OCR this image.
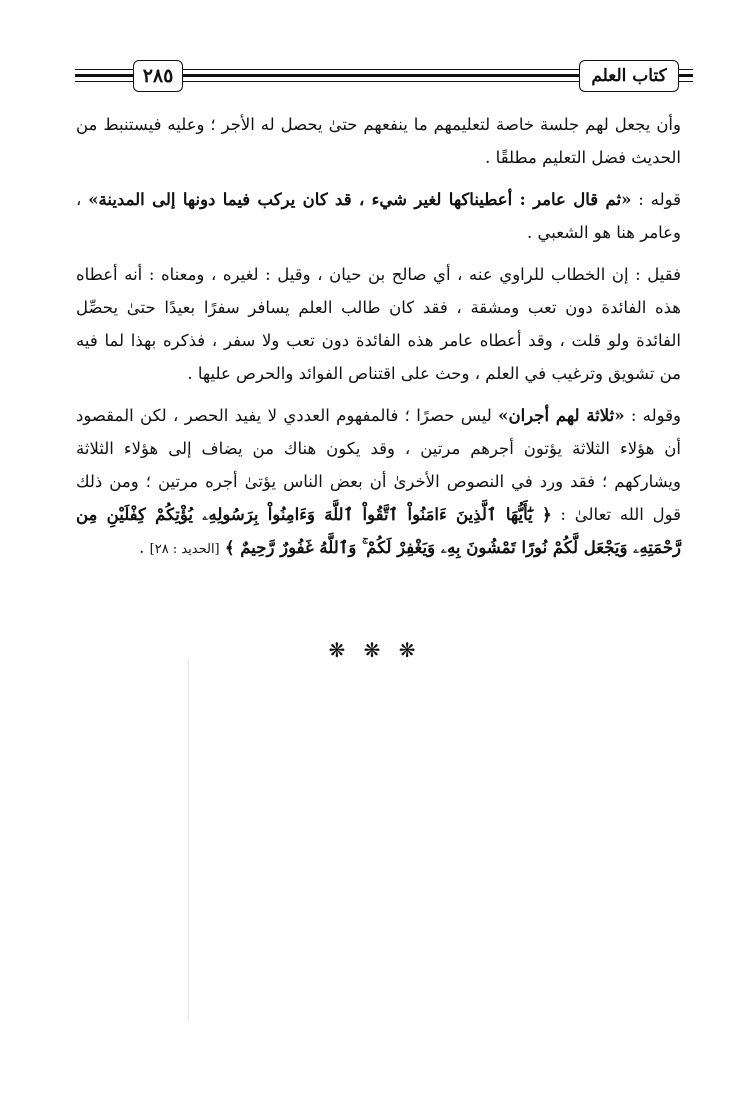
٢٨٥	كتاب العلم

وأن يجعل لهم جلسة خاصة لتعليمهم ما ينفعهم حتىٰ يحصل له الأجر ؛ وعليه فيستنبط من الحديث فضل التعليم مطلقًا .

قوله : «ثم قال عامر : أعطيناكها لغير شيء ، قد كان يركب فيما دونها إلى المدينة» ، وعامر هنا هو الشعبي .

فقيل : إن الخطاب للراوي عنه ، أي صالح بن حيان ، وقيل : لغيره ، ومعناه : أنه أعطاه هذه الفائدة دون تعب ومشقة ، فقد كان طالب العلم يسافر سفرًا بعيدًا حتىٰ يحصِّل الفائدة ولو قلت ، وقد أعطاه عامر هذه الفائدة دون تعب ولا سفر ، فذكره بهذا لما فيه من تشويق وترغيب في العلم ، وحث على اقتناص الفوائد والحرص عليها .

وقوله : «ثلاثة لهم أجران» ليس حصرًا ؛ فالمفهوم العددي لا يفيد الحصر ، لكن المقصود أن هؤلاء الثلاثة يؤتون أجرهم مرتين ، وقد يكون هناك من يضاف إلى هؤلاء الثلاثة ويشاركهم ؛ فقد ورد في النصوص الأخرىٰ أن بعض الناس يؤتىٰ أجره مرتين ؛ ومن ذلك قول الله تعالىٰ : ﴿ يَٰٓأَيُّهَا ٱلَّذِينَ ءَامَنُواْ ٱتَّقُواْ ٱللَّهَ وَءَامِنُواْ بِرَسُولِهِۦ يُؤْتِكُمْ كِفْلَيْنِ مِن رَّحْمَتِهِۦ وَيَجْعَل لَّكُمْ نُورًا تَمْشُونَ بِهِۦ وَيَغْفِرْ لَكُمْ ۚ وَٱللَّهُ غَفُورٌ رَّحِيمٌ ﴾ [الحديد : ٢٨] .

❋ ❋ ❋
